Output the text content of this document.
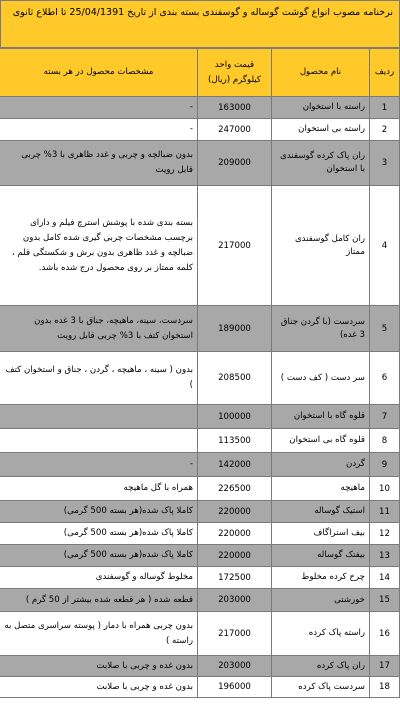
نرخنامه مصوب انواع گوشت گوساله و گوسفندی بسته بندی از تاریخ 25/04/1391 تا اطلاع ثانوی
ردیف	نام محصول	قیمت واحد کیلوگرم (ریال)	مشخصات محصول در هر بسته
1	راسته با استخوان	163000	-
2	راسته بی استخوان	247000	-
3	ران پاک کرده گوسفندی با استخوان	209000	بدون ضبالچه و چربی و غدد ظاهری با 3% چربی قابل رویت
4	ران کامل گوسفندی ممتاز	217000	بسته بندی شده با پوشش استرچ فیلم و دارای برچسب مشخصات چربی گیری شده کامل بدون ضبالچه و غدد ظاهری بدون برش و شکستگی قلم ، کلمه ممتاز بر روی محصول درج شده باشد.
5	سردست (با گردن جناق 3 غده)	189000	سردست، سینه، ماهیچه، جناق با 3 غده بدون استخوان کتف با 3% چربی قابل رویت
6	سر دست ( کف دست )	208500	بدون ( سینه ، ماهیچه ، گردن ، جناق و استخوان کتف )
7	قلوه گاه با استخوان	100000	
8	قلوه گاه بی استخوان	113500	
9	گردن	142000	-
10	ماهیچه	226500	همراه با گل ماهیچه
11	استیک گوساله	220000	کاملا پاک شده(هر بسته 500 گرمی)
12	بیف استراگاف	220000	کاملا پاک شده(هر بسته 500 گرمی)
13	بیفتک گوساله	220000	کاملا پاک شده(هر بسته 500 گرمی)
14	چرخ کرده مخلوط	172500	مخلوط گوساله و گوسفندی
15	خورشتی	203000	قطعه شده ( هر قطعه شده بیشتر از 50 گرم )
16	راسته پاک کرده	217000	بدون چربی همراه با دمار ( پوسته سراسری متصل به راسته )
17	ران پاک کرده	203000	بدون غده و چربی با صلابت
18	سردست پاک کرده	196000	بدون غده و چربی با صلابت
